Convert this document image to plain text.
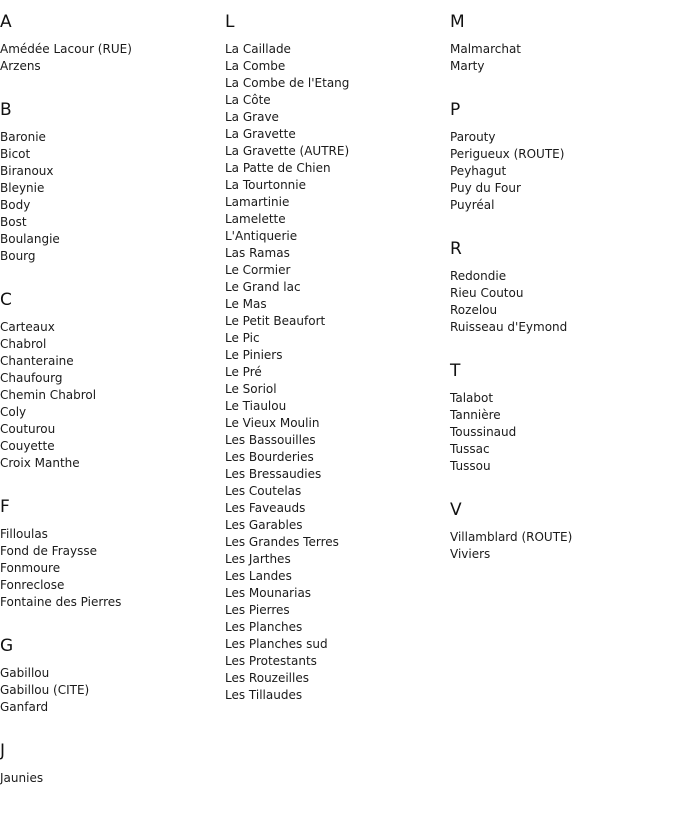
A
Amédée Lacour (RUE)
Arzens
B
Baronie
Bicot
Biranoux
Bleynie
Body
Bost
Boulangie
Bourg
C
Carteaux
Chabrol
Chanteraine
Chaufourg
Chemin Chabrol
Coly
Couturou
Couyette
Croix Manthe
F
Filloulas
Fond de Fraysse
Fonmoure
Fonreclose
Fontaine des Pierres
G
Gabillou
Gabillou (CITE)
Ganfard
J
Jaunies
L
La Caillade
La Combe
La Combe de l'Etang
La Côte
La Grave
La Gravette
La Gravette (AUTRE)
La Patte de Chien
La Tourtonnie
Lamartinie
Lamelette
L'Antiquerie
Las Ramas
Le Cormier
Le Grand lac
Le Mas
Le Petit Beaufort
Le Pic
Le Piniers
Le Pré
Le Soriol
Le Tiaulou
Le Vieux Moulin
Les Bassouilles
Les Bourderies
Les Bressaudies
Les Coutelas
Les Faveauds
Les Garables
Les Grandes Terres
Les Jarthes
Les Landes
Les Mounarias
Les Pierres
Les Planches
Les Planches sud
Les Protestants
Les Rouzeilles
Les Tillaudes
M
Malmarchat
Marty
P
Parouty
Perigueux (ROUTE)
Peyhagut
Puy du Four
Puyréal
R
Redondie
Rieu Coutou
Rozelou
Ruisseau d'Eymond
T
Talabot
Tannière
Toussinaud
Tussac
Tussou
V
Villamblard (ROUTE)
Viviers
